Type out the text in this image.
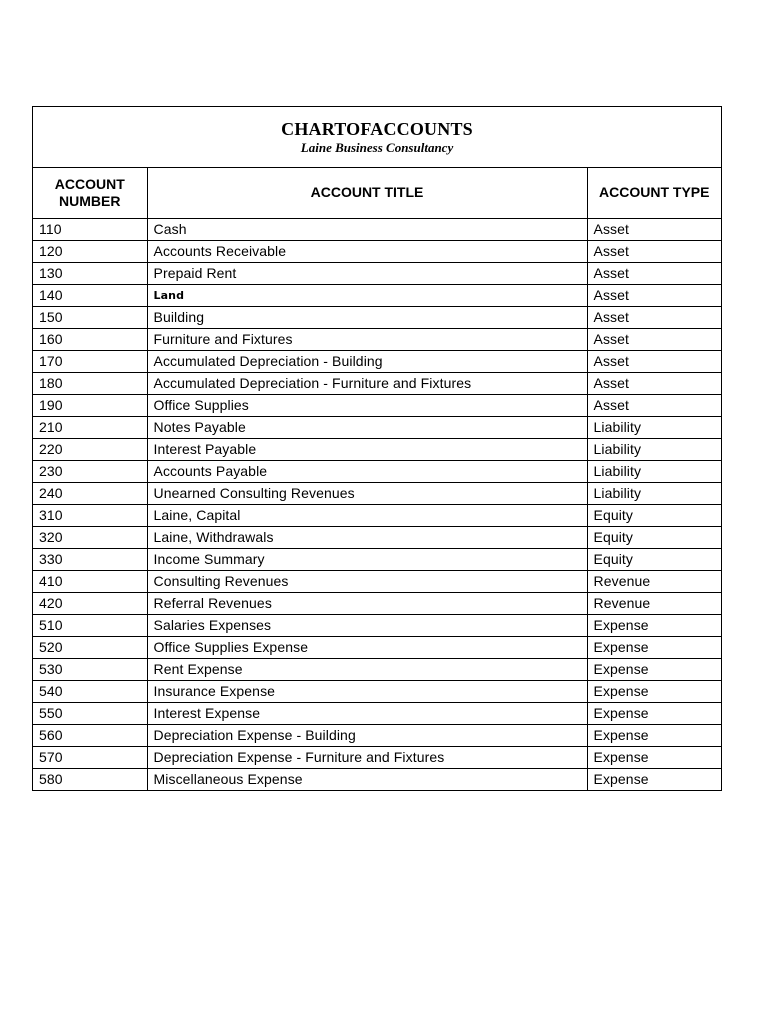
CHARTOFACCOUNTS
Laine Business Consultancy
ACCOUNT NUMBER	ACCOUNT TITLE	ACCOUNT TYPE
110	Cash	Asset
120	Accounts Receivable	Asset
130	Prepaid Rent	Asset
140	Land	Asset
150	Building	Asset
160	Furniture and Fixtures	Asset
170	Accumulated Depreciation - Building	Asset
180	Accumulated Depreciation - Furniture and Fixtures	Asset
190	Office Supplies	Asset
210	Notes Payable	Liability
220	Interest Payable	Liability
230	Accounts Payable	Liability
240	Unearned Consulting Revenues	Liability
310	Laine, Capital	Equity
320	Laine, Withdrawals	Equity
330	Income Summary	Equity
410	Consulting Revenues	Revenue
420	Referral Revenues	Revenue
510	Salaries Expenses	Expense
520	Office Supplies Expense	Expense
530	Rent Expense	Expense
540	Insurance Expense	Expense
550	Interest Expense	Expense
560	Depreciation Expense - Building	Expense
570	Depreciation Expense - Furniture and Fixtures	Expense
580	Miscellaneous Expense	Expense
